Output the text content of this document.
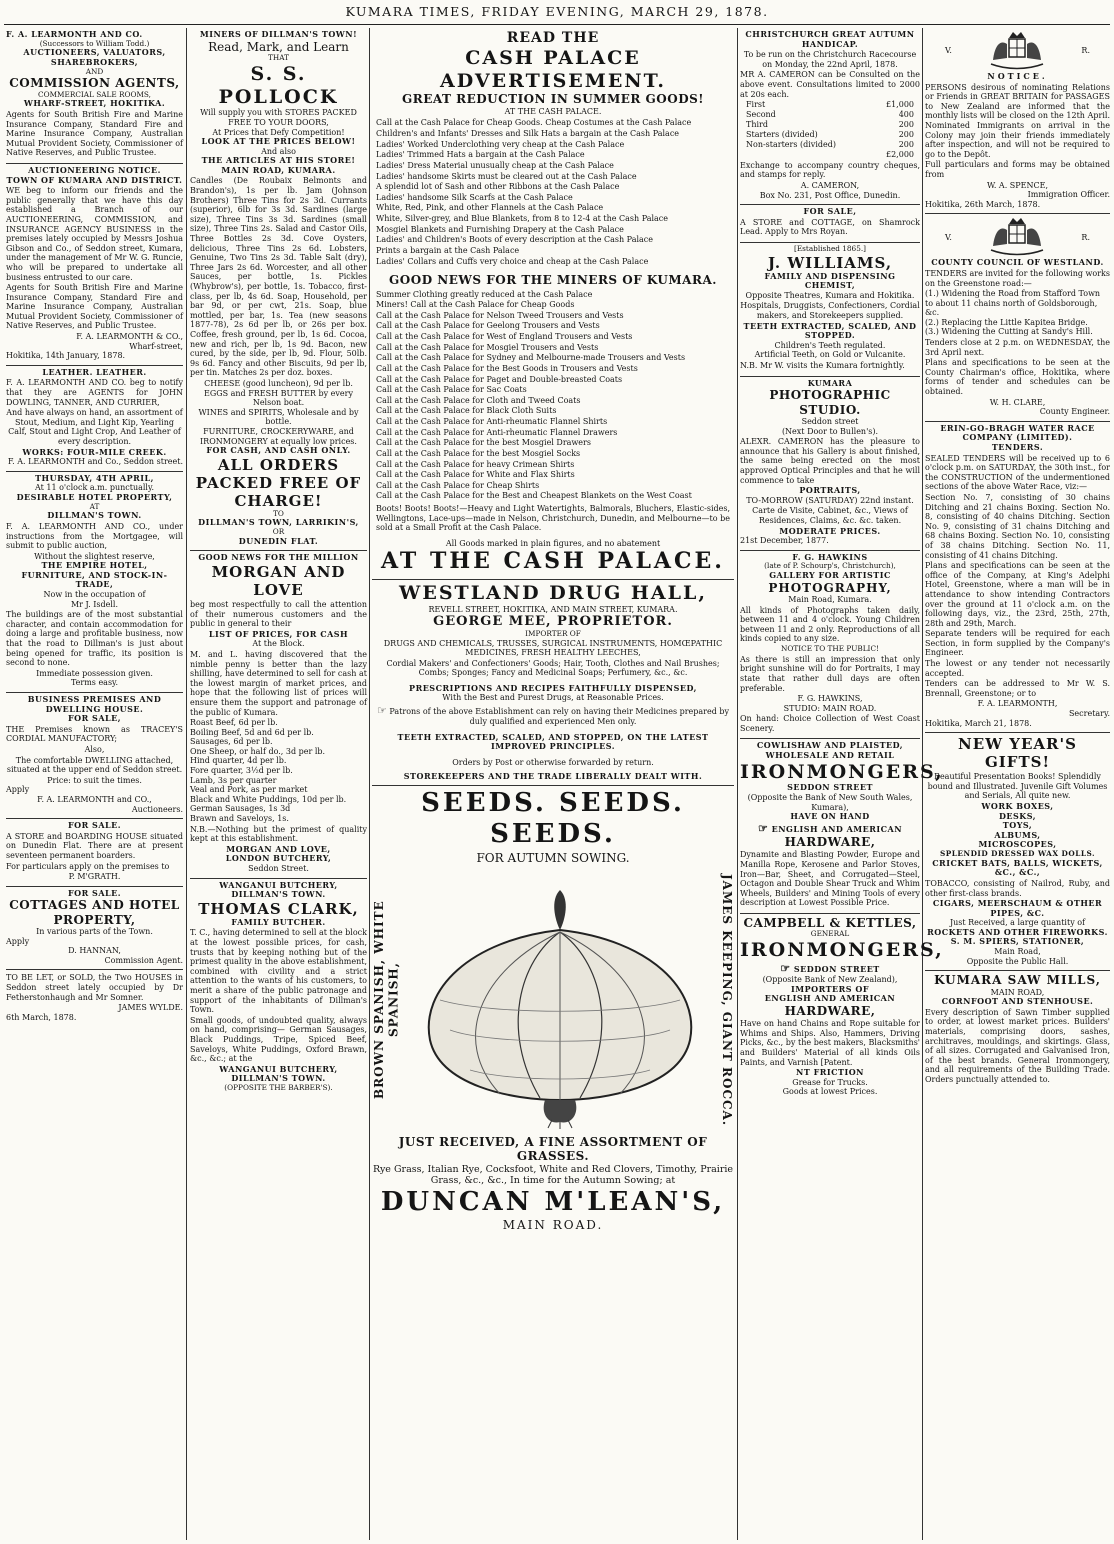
KUMARA TIMES, FRIDAY EVENING, MARCH 29, 1878.
F. A. LEARMONTH AND CO.
(Successors to William Todd.)
AUCTIONEERS, VALUATORS, SHAREBROKERS,
AND
COMMISSION AGENTS,
COMMERCIAL SALE ROOMS,
WHARF-STREET, HOKITIKA.

Agents for South British Fire and Marine Insurance Company, Standard Fire and Marine Insurance Company, Australian Mutual Provident Society, Commissioner of Native Reserves, and Public Trustee.

AUCTIONEERING NOTICE.
TOWN OF KUMARA AND DISTRICT.

WE beg to inform our friends and the public generally that we have this day established a Branch of our AUCTIONEERING, COMMISSION, and INSURANCE AGENCY BUSINESS in the premises lately occupied by Messrs Joshua Gibson and Co., of Seddon street, Kumara, under the management of Mr W. G. Runcie, who will be prepared to undertake all business entrusted to our care.

Agents for South British Fire and Marine Insurance Company, Standard Fire and Marine Insurance Company, Australian Mutual Provident Society, Commissioner of Native Reserves, and Public Trustee.

F. A. LEARMONTH & CO.,
Wharf-street,
Hokitika, 14th January, 1878.
LEATHER. LEATHER.

F. A. LEARMONTH AND CO. beg to notify that they are AGENTS for JOHN DOWLING, TANNER, AND CURRIER,

And have always on hand, an assortment of Stout, Medium, and Light Kip, Yearling Calf, Stout and Light Crop, And Leather of every description.

WORKS: FOUR-MILE CREEK.
F. A. LEARMONTH and Co., Seddon street.
THURSDAY, 4TH APRIL,
At 11 o'clock a.m. punctually.
DESIRABLE HOTEL PROPERTY,
AT
DILLMAN'S TOWN.

F. A. LEARMONTH AND CO., under instructions from the Mortgagee, will submit to public auction,

Without the slightest reserve,
THE EMPIRE HOTEL,
FURNITURE, AND STOCK-IN-TRADE,
Now in the occupation of
Mr J. Isdell.

The buildings are of the most substantial character, and contain accommodation for doing a large and profitable business, now that the road to Dillman's is just about being opened for traffic, its position is second to none.

Immediate possession given.
Terms easy.
BUSINESS PREMISES AND DWELLING HOUSE.
FOR SALE,

THE Premises known as TRACEY'S CORDIAL MANUFACTORY;

Also,

The comfortable DWELLING attached, situated at the upper end of Seddon street.

Price: to suit the times.
Apply
F. A. LEARMONTH and CO.,
Auctioneers.
FOR SALE.

A STORE and BOARDING HOUSE situated on Dunedin Flat. There are at present seventeen permanent boarders.

For particulars apply on the premises to

P. M'GRATH.
FOR SALE.
COTTAGES AND HOTEL PROPERTY,
In various parts of the Town.
Apply
D. HANNAN,
Commission Agent.

TO BE LET, or SOLD, the Two HOUSES in Seddon street lately occupied by Dr Fetherstonhaugh and Mr Somner.

JAMES WYLDE.
6th March, 1878.
MINERS OF DILLMAN'S TOWN!
Read, Mark, and Learn
THAT
S. S. POLLOCK
Will supply you with STORES PACKED FREE TO YOUR DOORS,
At Prices that Defy Competition!
LOOK AT THE PRICES BELOW!
And also
THE ARTICLES AT HIS STORE!
MAIN ROAD, KUMARA.

Candles (De Roubaix Belmonts and Brandon's), 1s per lb. Jam (Johnson Brothers) Three Tins for 2s 3d. Currants (superior), 6lb for 3s 3d. Sardines (large size), Three Tins 3s 3d. Sardines (small size), Three Tins 2s. Salad and Castor Oils, Three Bottles 2s 3d. Cove Oysters, delicious, Three Tins 2s 6d. Lobsters, Genuine, Two Tins 2s 3d. Table Salt (dry), Three Jars 2s 6d. Worcester, and all other Sauces, per bottle, 1s. Pickles (Whybrow's), per bottle, 1s. Tobacco, first-class, per lb, 4s 6d. Soap, Household, per bar 9d, or per cwt, 21s. Soap, blue mottled, per bar, 1s. Tea (new seasons 1877-78), 2s 6d per lb, or 26s per box. Coffee, fresh ground, per lb, 1s 6d. Cocoa, new and rich, per lb, 1s 9d. Bacon, new cured, by the side, per lb, 9d. Flour, 50lb. 9s 6d. Fancy and other Biscuits, 9d per lb, per tin. Matches 2s per doz. boxes.

CHEESE (good luncheon), 9d per lb.
EGGS and FRESH BUTTER by every Nelson boat.
WINES and SPIRITS, Wholesale and by bottle.
FURNITURE, CROCKERYWARE, and IRONMONGERY at equally low prices.
FOR CASH, AND CASH ONLY.
ALL ORDERS PACKED FREE OF CHARGE!
TO
DILLMAN'S TOWN, LARRIKIN'S,
OR
DUNEDIN FLAT.
GOOD NEWS FOR THE MILLION
MORGAN AND LOVE

beg most respectfully to call the attention of their numerous customers and the public in general to their

LIST OF PRICES, FOR CASH
At the Block.

M. and L. having discovered that the nimble penny is better than the lazy shilling, have determined to sell for cash at the lowest margin of market prices, and hope that the following list of prices will ensure them the support and patronage of the public of Kumara.

Roast Beef, 6d per lb.
Boiling Beef, 5d and 6d per lb.
Sausages, 6d per lb.
One Sheep, or half do., 3d per lb.
Hind quarter, 4d per lb.
Fore quarter, 3½d per lb.
Lamb, 3s per quarter
Veal and Pork, as per market
Black and White Puddings, 10d per lb.
German Sausages, 1s 3d
Brawn and Saveloys, 1s.

N.B.—Nothing but the primest of quality kept at this establishment.

MORGAN AND LOVE,
LONDON BUTCHERY,
Seddon Street.
WANGANUI BUTCHERY, DILLMAN'S TOWN.
THOMAS CLARK,
FAMILY BUTCHER.

T. C., having determined to sell at the block at the lowest possible prices, for cash, trusts that by keeping nothing but of the primest quality in the above establishment, combined with civility and a strict attention to the wants of his customers, to merit a share of the public patronage and support of the inhabitants of Dillman's Town.

Small goods, of undoubted quality, always on hand, comprising— German Sausages, Black Puddings, Tripe, Spiced Beef, Saveloys, White Puddings, Oxford Brawn, &c., &c.; at the

WANGANUI BUTCHERY,
DILLMAN'S TOWN.
(OPPOSITE THE BARBER'S).
READ THE
CASH PALACE ADVERTISEMENT.
GREAT REDUCTION IN SUMMER GOODS!
AT THE CASH PALACE.
Call at the Cash Palace for Cheap Goods. Cheap Costumes at the Cash Palace
Children's and Infants' Dresses and Silk Hats a bargain at the Cash Palace
Ladies' Worked Underclothing very cheap at the Cash Palace
Ladies' Trimmed Hats a bargain at the Cash Palace
Ladies' Dress Material unusually cheap at the Cash Palace
Ladies' handsome Skirts must be cleared out at the Cash Palace
A splendid lot of Sash and other Ribbons at the Cash Palace
Ladies' handsome Silk Scarfs at the Cash Palace
White, Red, Pink, and other Flannels at the Cash Palace
White, Silver-grey, and Blue Blankets, from 8 to 12-4 at the Cash Palace
Mosgiel Blankets and Furnishing Drapery at the Cash Palace
Ladies' and Children's Boots of every description at the Cash Palace
Prints a bargain at the Cash Palace
Ladies' Collars and Cuffs very choice and cheap at the Cash Palace
GOOD NEWS FOR THE MINERS OF KUMARA.
Summer Clothing greatly reduced at the Cash Palace
Miners! Call at the Cash Palace for Cheap Goods
Call at the Cash Palace for Nelson Tweed Trousers and Vests
Call at the Cash Palace for Geelong Trousers and Vests
Call at the Cash Palace for West of England Trousers and Vests
Call at the Cash Palace for Mosgiel Trousers and Vests
Call at the Cash Palace for Sydney and Melbourne-made Trousers and Vests
Call at the Cash Palace for the Best Goods in Trousers and Vests
Call at the Cash Palace for Paget and Double-breasted Coats
Call at the Cash Palace for Sac Coats
Call at the Cash Palace for Cloth and Tweed Coats
Call at the Cash Palace for Black Cloth Suits
Call at the Cash Palace for Anti-rheumatic Flannel Shirts
Call at the Cash Palace for Anti-rheumatic Flannel Drawers
Call at the Cash Palace for the best Mosgiel Drawers
Call at the Cash Palace for the best Mosgiel Socks
Call at the Cash Palace for heavy Crimean Shirts
Call at the Cash Palace for White and Flax Shirts
Call at the Cash Palace for Cheap Shirts
Call at the Cash Palace for the Best and Cheapest Blankets on the West Coast

Boots! Boots! Boots!—Heavy and Light Watertights, Balmorals, Bluchers, Elastic-sides, Wellingtons, Lace-ups—made in Nelson, Christchurch, Dunedin, and Melbourne—to be sold at a Small Profit at the Cash Palace.

All Goods marked in plain figures, and no abatement
AT THE CASH PALACE.
WESTLAND DRUG HALL,
REVELL STREET, HOKITIKA, AND MAIN STREET, KUMARA.
GEORGE MEE, PROPRIETOR.
IMPORTER OF
DRUGS AND CHEMICALS, TRUSSES, SURGICAL INSTRUMENTS, HOMŒPATHIC MEDICINES, FRESH HEALTHY LEECHES,

Cordial Makers' and Confectioners' Goods; Hair, Tooth, Clothes and Nail Brushes; Combs; Sponges; Fancy and Medicinal Soaps; Perfumery, &c., &c.

PRESCRIPTIONS AND RECIPES FAITHFULLY DISPENSED,
With the Best and Purest Drugs, at Reasonable Prices.

☞ Patrons of the above Establishment can rely on having their Medicines prepared by duly qualified and experienced Men only.

TEETH EXTRACTED, SCALED, AND STOPPED, ON THE LATEST IMPROVED PRINCIPLES.
Orders by Post or otherwise forwarded by return.
STOREKEEPERS AND THE TRADE LIBERALLY DEALT WITH.
SEEDS. SEEDS. SEEDS.
FOR AUTUMN SOWING.
BROWN SPANISH, WHITE SPANISH,	JAMES KEEPING, GIANT ROCCA.
JUST RECEIVED, A FINE ASSORTMENT OF GRASSES.
Rye Grass, Italian Rye, Cocksfoot, White and Red Clovers, Timothy, Prairie Grass, &c., &c., In time for the Autumn Sowing; at
DUNCAN M'LEAN'S,
MAIN ROAD.
CHRISTCHURCH GREAT AUTUMN HANDICAP.

To be run on the Christchurch Racecourse on Monday, the 22nd April, 1878.

MR A. CAMERON can be Consulted on the above event. Consultations limited to 2000 at 20s each.

First	£1,000
Second	400
Third	200
Starters (divided)	200
Non-starters (divided)	200
£2,000

Exchange to accompany country cheques, and stamps for reply.

A. CAMERON,
Box No. 231, Post Office, Dunedin.
FOR SALE,

A STORE and COTTAGE, on Shamrock Lead. Apply to Mrs Royan.

[Established 1865.]
J. WILLIAMS,
FAMILY AND DISPENSING CHEMIST,
Opposite Theatres, Kumara and Hokitika.

Hospitals, Druggists, Confectioners, Cordial makers, and Storekeepers supplied.

TEETH EXTRACTED, SCALED, AND STOPPED.
Children's Teeth regulated.
Artificial Teeth, on Gold or Vulcanite.

N.B. Mr W. visits the Kumara fortnightly.

KUMARA
PHOTOGRAPHIC STUDIO.
Seddon street
(Next Door to Bullen's).

ALEXR. CAMERON has the pleasure to announce that his Gallery is about finished, the same being erected on the most approved Optical Principles and that he will commence to take

PORTRAITS,
TO-MORROW (SATURDAY) 22nd instant.

Carte de Visite, Cabinet, &c., Views of Residences, Claims, &c. &c. taken.

MODERATE PRICES.
21st December, 1877.
F. G. HAWKINS
(late of P. Schourp's, Christchurch),
GALLERY FOR ARTISTIC
PHOTOGRAPHY,
Main Road, Kumara.

All kinds of Photographs taken daily, between 11 and 4 o'clock. Young Children between 11 and 2 only. Reproductions of all kinds copied to any size.

NOTICE TO THE PUBLIC!

As there is still an impression that only bright sunshine will do for Portraits, I may state that rather dull days are often preferable.

F. G. HAWKINS,
STUDIO: MAIN ROAD.

On hand: Choice Collection of West Coast Scenery.

COWLISHAW AND PLAISTED,
WHOLESALE AND RETAIL
IRONMONGERS,
SEDDON STREET
(Opposite the Bank of New South Wales, Kumara),
HAVE ON HAND
☞ ENGLISH AND AMERICAN
HARDWARE,

Dynamite and Blasting Powder, Europe and Manilla Rope, Kerosene and Parlor Stoves, Iron—Bar, Sheet, and Corrugated—Steel, Octagon and Double Shear Truck and Whim Wheels, Builders' and Mining Tools of every description at Lowest Possible Price.

CAMPBELL & KETTLES,
GENERAL
IRONMONGERS,
☞ SEDDON STREET
(Opposite Bank of New Zealand),
IMPORTERS OF
ENGLISH AND AMERICAN
HARDWARE,

Have on hand Chains and Rope suitable for Whims and Ships. Also, Hammers, Driving Picks, &c., by the best makers, Blacksmiths' and Builders' Material of all kinds Oils Paints, and Varnish [Patent.

NT FRICTION
Grease for Trucks.
Goods at lowest Prices.
V.	R.
NOTICE.

PERSONS desirous of nominating Relations or Friends in GREAT BRITAIN for PASSAGES to New Zealand are informed that the monthly lists will be closed on the 12th April. Nominated Immigrants on arrival in the Colony may join their friends immediately after inspection, and will not be required to go to the Depôt.

Full particulars and forms may be obtained from

W. A. SPENCE,
Immigration Officer.
Hokitika, 26th March, 1878.
V.	R.
COUNTY COUNCIL OF WESTLAND.

TENDERS are invited for the following works on the Greenstone road:—

(1.) Widening the Road from Stafford Town to about 11 chains north of Goldsborough, &c.
(2.) Replacing the Little Kapitea Bridge.
(3.) Widening the Cutting at Sandy's Hill.

Tenders close at 2 p.m. on WEDNESDAY, the 3rd April next.

Plans and specifications to be seen at the County Chairman's office, Hokitika, where forms of tender and schedules can be obtained.

W. H. CLARE,
County Engineer.
ERIN-GO-BRAGH WATER RACE COMPANY (LIMITED).
TENDERS.

SEALED TENDERS will be received up to 6 o'clock p.m. on SATURDAY, the 30th inst., for the CONSTRUCTION of the undermentioned sections of the above Water Race, viz:—

Section No. 7, consisting of 30 chains Ditching and 21 chains Boxing. Section No. 8, consisting of 40 chains Ditching. Section No. 9, consisting of 31 chains Ditching and 68 chains Boxing. Section No. 10, consisting of 38 chains Ditching. Section No. 11, consisting of 41 chains Ditching.

Plans and specifications can be seen at the office of the Company, at King's Adelphi Hotel, Greenstone, where a man will be in attendance to show intending Contractors over the ground at 11 o'clock a.m. on the following days, viz., the 23rd, 25th, 27th, 28th and 29th, March.

Separate tenders will be required for each Section, in form supplied by the Company's Engineer.

The lowest or any tender not necessarily accepted.

Tenders can be addressed to Mr W. S. Brennall, Greenstone; or to

F. A. LEARMONTH,
Secretary.
Hokitika, March 21, 1878.
NEW YEAR'S GIFTS!

Beautiful Presentation Books! Splendidly bound and Illustrated. Juvenile Gift Volumes and Serials, All quite new.

WORK BOXES,
DESKS,
TOYS,
ALBUMS,
MICROSCOPES,
SPLENDID DRESSED WAX DOLLS.
CRICKET BATS, BALLS, WICKETS, &C., &C.,

TOBACCO, consisting of Nailrod, Ruby, and other first-class brands.

CIGARS, MEERSCHAUM & OTHER PIPES, &C.
Just Received, a large quantity of
ROCKETS AND OTHER FIREWORKS.
S. M. SPIERS, STATIONER,
Main Road,
Opposite the Public Hall.
KUMARA SAW MILLS,
MAIN ROAD,
CORNFOOT AND STENHOUSE.

Every description of Sawn Timber supplied to order, at lowest market prices. Builders' materials, comprising doors, sashes, architraves, mouldings, and skirtings. Glass, of all sizes. Corrugated and Galvanised Iron, of the best brands. General Ironmongery, and all requirements of the Building Trade. Orders punctually attended to.
